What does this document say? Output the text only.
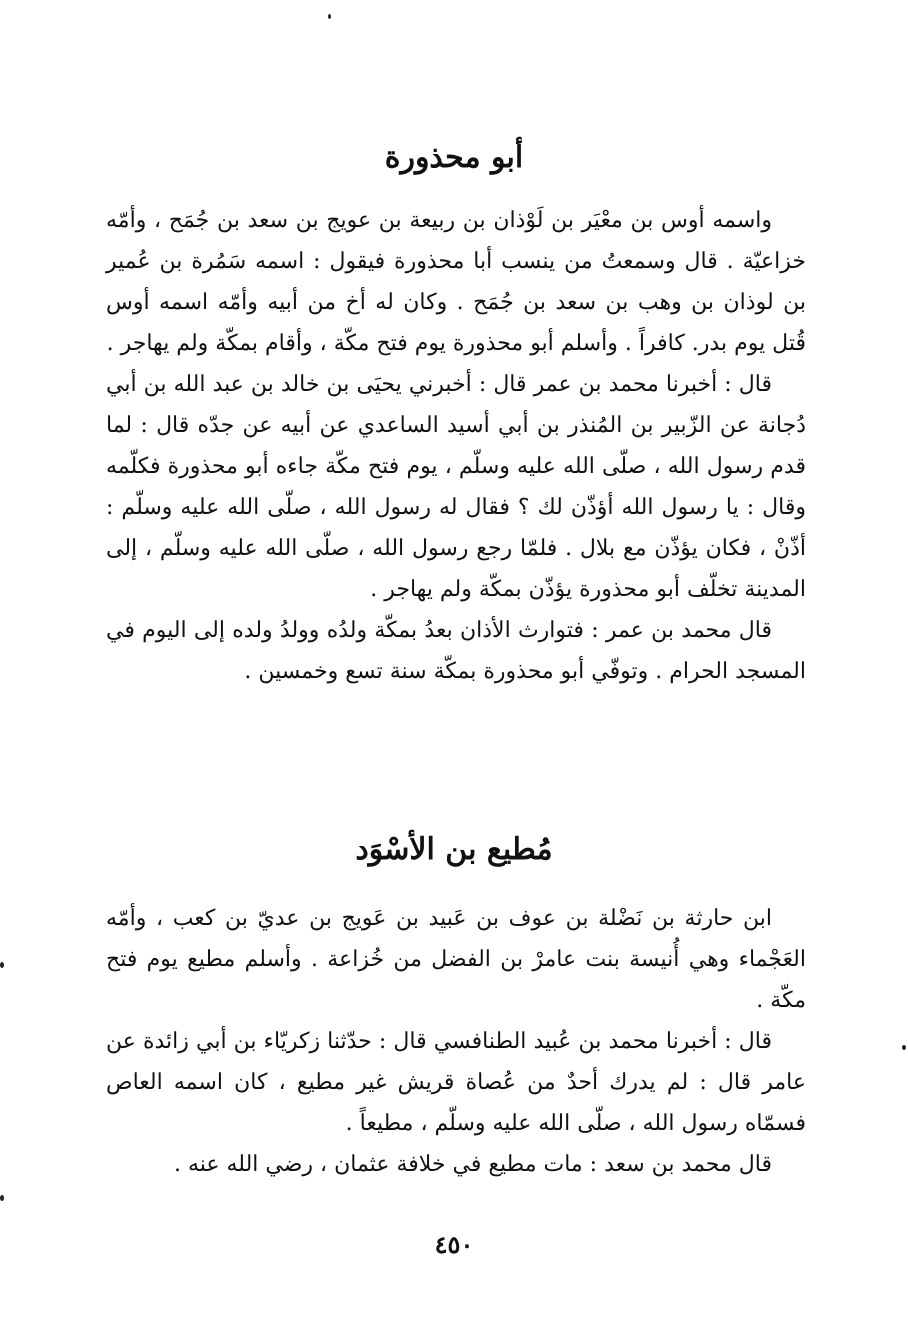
أبو محذورة

واسمه أوس بن معْيَر بن لَوْذان بن ربيعة بن عويج بن سعد بن جُمَح ، وأمّه خزاعيّة . قال وسمعتُ من ينسب أبا محذورة فيقول : اسمه سَمُرة بن عُمير بن لوذان بن وهب بن سعد بن جُمَح . وكان له أخ من أبيه وأمّه اسمه أوس قُتل يوم بدر. كافراً . وأسلم أبو محذورة يوم فتح مكّة ، وأقام بمكّة ولم يهاجر .

قال : أخبرنا محمد بن عمر قال : أخبرني يحيَى بن خالد بن عبد الله بن أبي دُجانة عن الزّبير بن المُنذر بن أبي أسيد الساعدي عن أبيه عن جدّه قال : لما قدم رسول الله ، صلّى الله عليه وسلّم ، يوم فتح مكّة جاءه أبو محذورة فكلّمه وقال : يا رسول الله أؤذّن لك ؟ فقال له رسول الله ، صلّى الله عليه وسلّم : أذّنْ ، فكان يؤذّن مع بلال . فلمّا رجع رسول الله ، صلّى الله عليه وسلّم ، إلى المدينة تخلّف أبو محذورة يؤذّن بمكّة ولم يهاجر .

قال محمد بن عمر : فتوارث الأذان بعدُ بمكّة ولدُه وولدُ ولده إلى اليوم في المسجد الحرام . وتوفّي أبو محذورة بمكّة سنة تسع وخمسين .

مُطيع بن الأسْوَد

ابن حارثة بن نَضْلة بن عوف بن عَبيد بن عَويج بن عديّ بن كعب ، وأمّه العَجْماء وهي أُنيسة بنت عامرْ بن الفضل من خُزاعة . وأسلم مطيع يوم فتح مكّة .

قال : أخبرنا محمد بن عُبيد الطنافسي قال : حدّثنا زكريّاء بن أبي زائدة عن عامر قال : لم يدرك أحدٌ من عُصاة قريش غير مطيع ، كان اسمه العاص فسمّاه رسول الله ، صلّى الله عليه وسلّم ، مطيعاً .

قال محمد بن سعد : مات مطيع في خلافة عثمان ، رضي الله عنه .

٤٥٠
